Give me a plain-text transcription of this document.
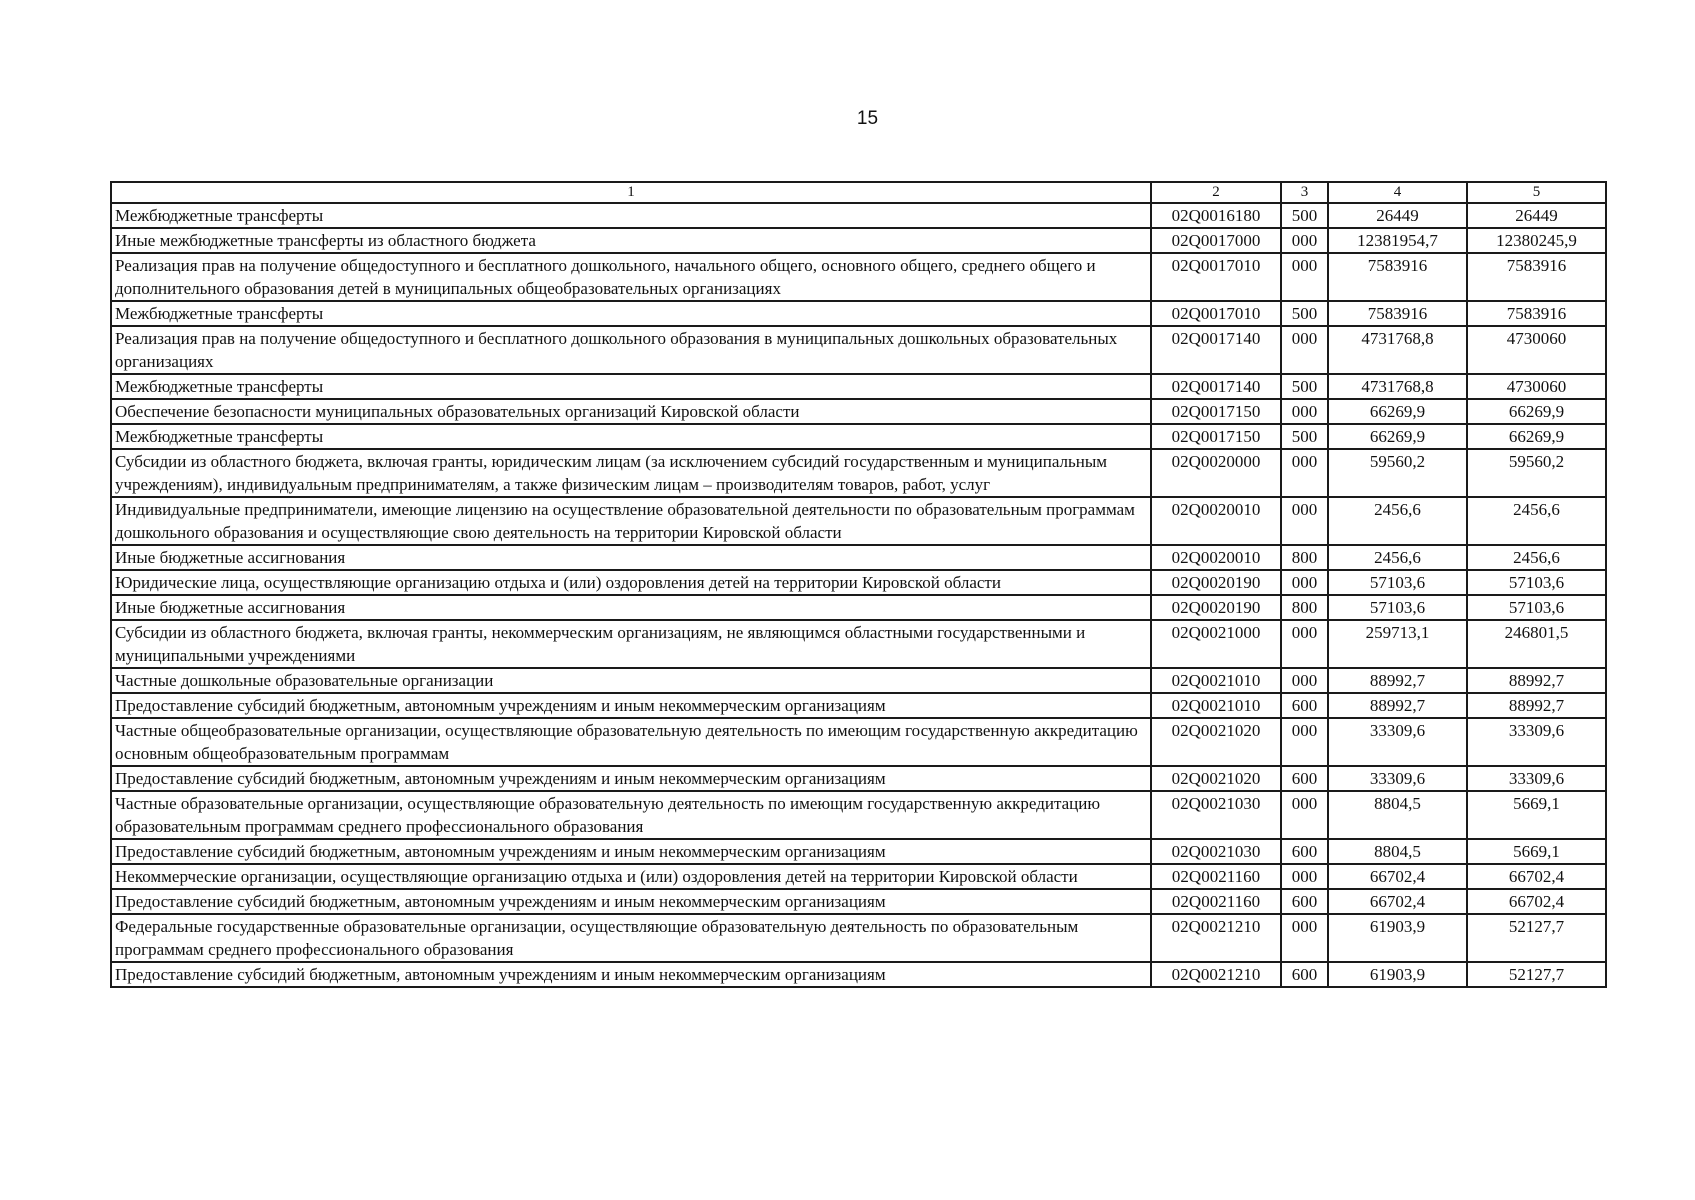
15
1	2	3	4	5
Межбюджетные трансферты	02Q0016180	500	26449	26449
Иные межбюджетные трансферты из областного бюджета	02Q0017000	000	12381954,7	12380245,9
Реализация прав на получение общедоступного и бесплатного дошкольного, начального общего, основного общего, среднего общего и дополнительного образования детей в муниципальных общеобразовательных организациях	02Q0017010	000	7583916	7583916
Межбюджетные трансферты	02Q0017010	500	7583916	7583916
Реализация прав на получение общедоступного и бесплатного дошкольного образования в муниципальных дошкольных образовательных организациях	02Q0017140	000	4731768,8	4730060
Межбюджетные трансферты	02Q0017140	500	4731768,8	4730060
Обеспечение безопасности муниципальных образовательных организаций Кировской области	02Q0017150	000	66269,9	66269,9
Межбюджетные трансферты	02Q0017150	500	66269,9	66269,9
Субсидии из областного бюджета, включая гранты, юридическим лицам (за исключением субсидий государственным и муниципальным учреждениям), индивидуальным предпринимателям, а также физическим лицам – производителям товаров, работ, услуг	02Q0020000	000	59560,2	59560,2
Индивидуальные предприниматели, имеющие лицензию на осуществление образовательной деятельности по образовательным программам дошкольного образования и осуществляющие свою деятельность на территории Кировской области	02Q0020010	000	2456,6	2456,6
Иные бюджетные ассигнования	02Q0020010	800	2456,6	2456,6
Юридические лица, осуществляющие организацию отдыха и (или) оздоровления детей на территории Кировской области	02Q0020190	000	57103,6	57103,6
Иные бюджетные ассигнования	02Q0020190	800	57103,6	57103,6
Субсидии из областного бюджета, включая гранты, некоммерческим организациям, не являющимся областными государственными и муниципальными учреждениями	02Q0021000	000	259713,1	246801,5
Частные дошкольные образовательные организации	02Q0021010	000	88992,7	88992,7
Предоставление субсидий бюджетным, автономным учреждениям и иным некоммерческим организациям	02Q0021010	600	88992,7	88992,7
Частные общеобразовательные организации, осуществляющие образовательную деятельность по имеющим государственную аккредитацию основным общеобразовательным программам	02Q0021020	000	33309,6	33309,6
Предоставление субсидий бюджетным, автономным учреждениям и иным некоммерческим организациям	02Q0021020	600	33309,6	33309,6
Частные образовательные организации, осуществляющие образовательную деятельность по имеющим государственную аккредитацию образовательным программам среднего профессионального образования	02Q0021030	000	8804,5	5669,1
Предоставление субсидий бюджетным, автономным учреждениям и иным некоммерческим организациям	02Q0021030	600	8804,5	5669,1
Некоммерческие организации, осуществляющие организацию отдыха и (или) оздоровления детей на территории Кировской области	02Q0021160	000	66702,4	66702,4
Предоставление субсидий бюджетным, автономным учреждениям и иным некоммерческим организациям	02Q0021160	600	66702,4	66702,4
Федеральные государственные образовательные организации, осуществляющие образовательную деятельность по образовательным программам среднего профессионального образования	02Q0021210	000	61903,9	52127,7
Предоставление субсидий бюджетным, автономным учреждениям и иным некоммерческим организациям	02Q0021210	600	61903,9	52127,7
